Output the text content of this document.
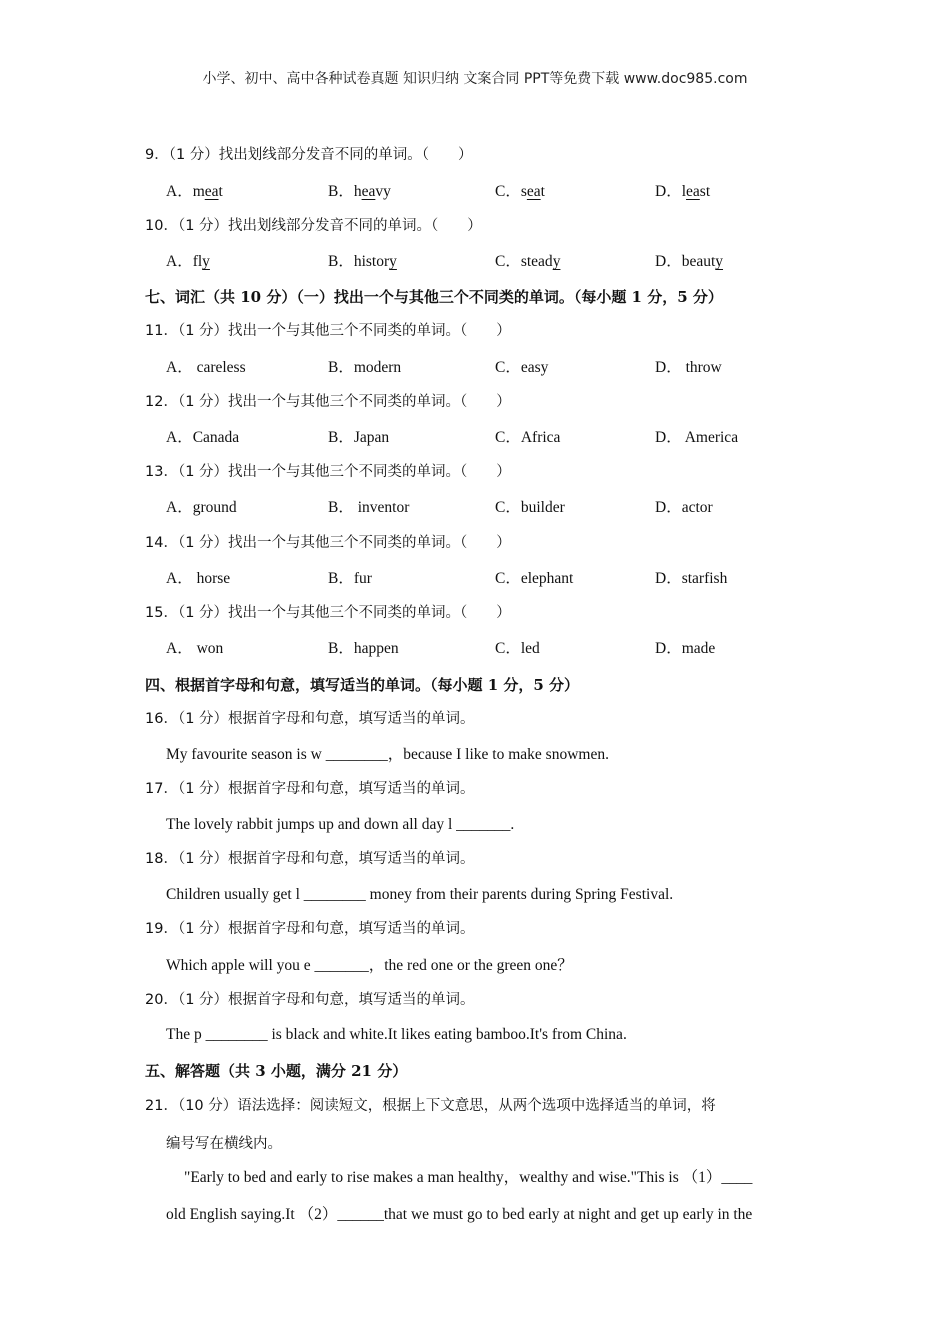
小学、初中、高中各种试卷真题 知识归纳 文案合同 PPT等免费下载 www.doc985.com
9．（1 分）找出划线部分发音不同的单词。（　　）
A．meat	B．heavy	C．seat	D．least
10．（1 分）找出划线部分发音不同的单词。（　　）
A．fly	B．history	C．steady	D．beauty
七、词汇（共 10 分）（一）找出一个与其他三个不同类的单词。（每小题 1 分，5 分）
11．（1 分）找出一个与其他三个不同类的单词。（　　）
A． careless	B．modern	C．easy	D． throw
12．（1 分）找出一个与其他三个不同类的单词。（　　）
A．Canada	B．Japan	C．Africa	D． America
13．（1 分）找出一个与其他三个不同类的单词。（　　）
A．ground	B． inventor	C．builder	D．actor
14．（1 分）找出一个与其他三个不同类的单词。（　　）
A． horse	B．fur	C．elephant	D．starfish
15．（1 分）找出一个与其他三个不同类的单词。（　　）
A． won	B．happen	C．led	D．made
四、根据首字母和句意，填写适当的单词。（每小题 1 分，5 分）
16．（1 分）根据首字母和句意，填写适当的单词。
My favourite season is w ________，because I like to make snowmen.
17．（1 分）根据首字母和句意，填写适当的单词。
The lovely rabbit jumps up and down all day l _______.
18．（1 分）根据首字母和句意，填写适当的单词。
Children usually get l ________ money from their parents during Spring Festival.
19．（1 分）根据首字母和句意，填写适当的单词。
Which apple will you e _______，the red one or the green one？
20．（1 分）根据首字母和句意，填写适当的单词。
The p ________ is black and white.It likes eating bamboo.It's from China.
五、解答题（共 3 小题，满分 21 分）
21．（10 分）语法选择：阅读短文，根据上下文意思，从两个选项中选择适当的单词，将
编号写在横线内。
"Early to bed and early to rise makes a man healthy，wealthy and wise."This is （1）____
old English saying.It （2）______that we must go to bed early at night and get up early in the
